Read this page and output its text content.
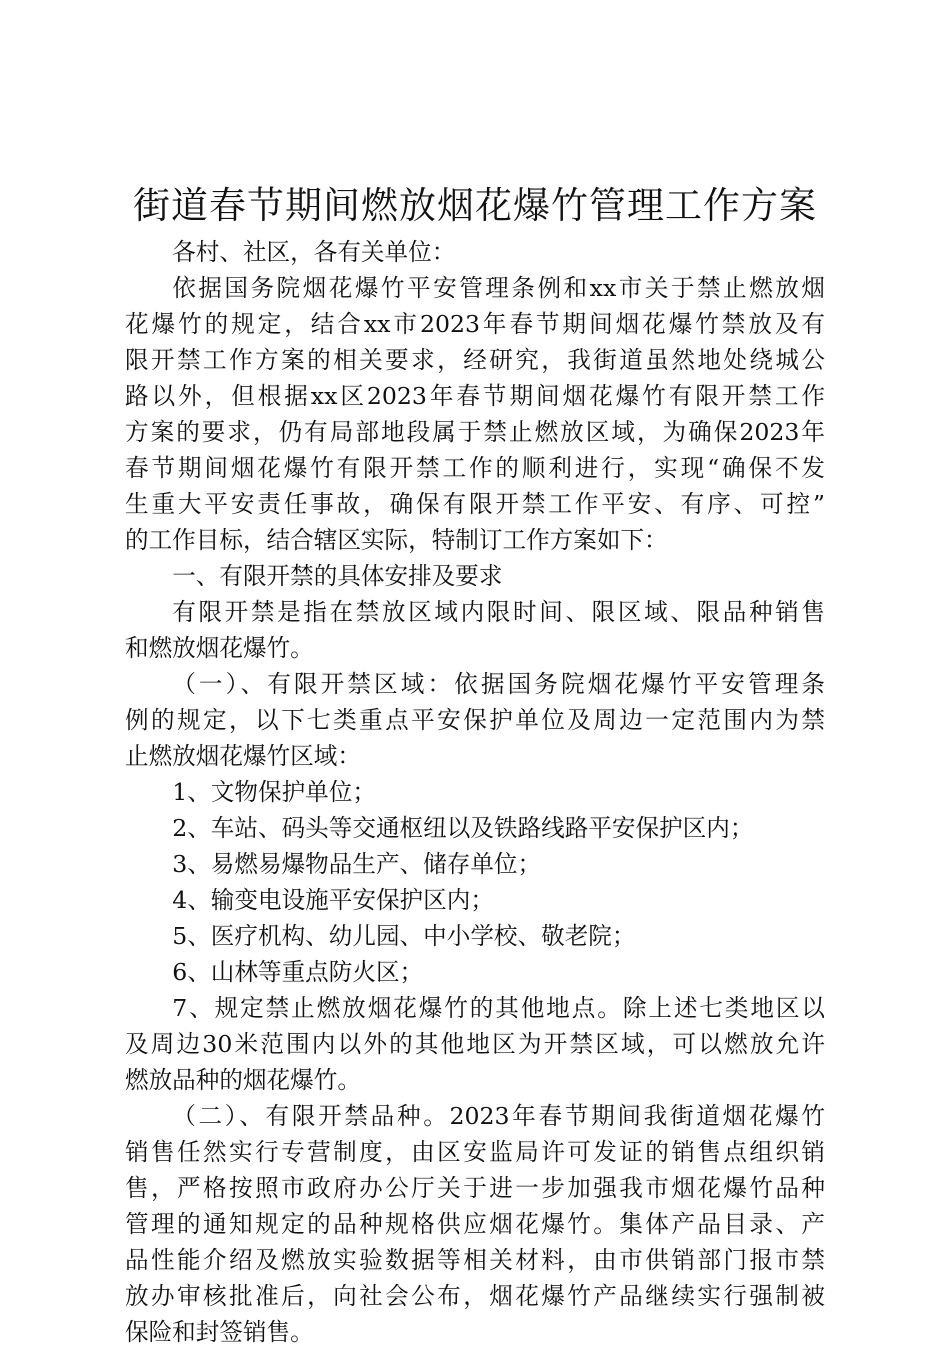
街道春节期间燃放烟花爆竹管理工作方案

各村、社区，各有关单位：

依据国务院烟花爆竹平安管理条例和xx市关于禁止燃放烟

花爆竹的规定，结合xx市2023年春节期间烟花爆竹禁放及有

限开禁工作方案的相关要求，经研究，我街道虽然地处绕城公

路以外，但根据xx区2023年春节期间烟花爆竹有限开禁工作

方案的要求，仍有局部地段属于禁止燃放区域，为确保2023年

春节期间烟花爆竹有限开禁工作的顺利进行，实现“确保不发

生重大平安责任事故，确保有限开禁工作平安、有序、可控”

的工作目标，结合辖区实际，特制订工作方案如下：

一、有限开禁的具体安排及要求

有限开禁是指在禁放区域内限时间、限区域、限品种销售

和燃放烟花爆竹。

（一）、有限开禁区域：依据国务院烟花爆竹平安管理条

例的规定，以下七类重点平安保护单位及周边一定范围内为禁

止燃放烟花爆竹区域：

1、文物保护单位；

2、车站、码头等交通枢纽以及铁路线路平安保护区内；

3、易燃易爆物品生产、储存单位；

4、输变电设施平安保护区内；

5、医疗机构、幼儿园、中小学校、敬老院；

6、山林等重点防火区；

7、规定禁止燃放烟花爆竹的其他地点。除上述七类地区以

及周边30米范围内以外的其他地区为开禁区域，可以燃放允许

燃放品种的烟花爆竹。

（二）、有限开禁品种。2023年春节期间我街道烟花爆竹

销售任然实行专营制度，由区安监局许可发证的销售点组织销

售，严格按照市政府办公厅关于进一步加强我市烟花爆竹品种

管理的通知规定的品种规格供应烟花爆竹。集体产品目录、产

品性能介绍及燃放实验数据等相关材料，由市供销部门报市禁

放办审核批准后，向社会公布，烟花爆竹产品继续实行强制被

保险和封签销售。
